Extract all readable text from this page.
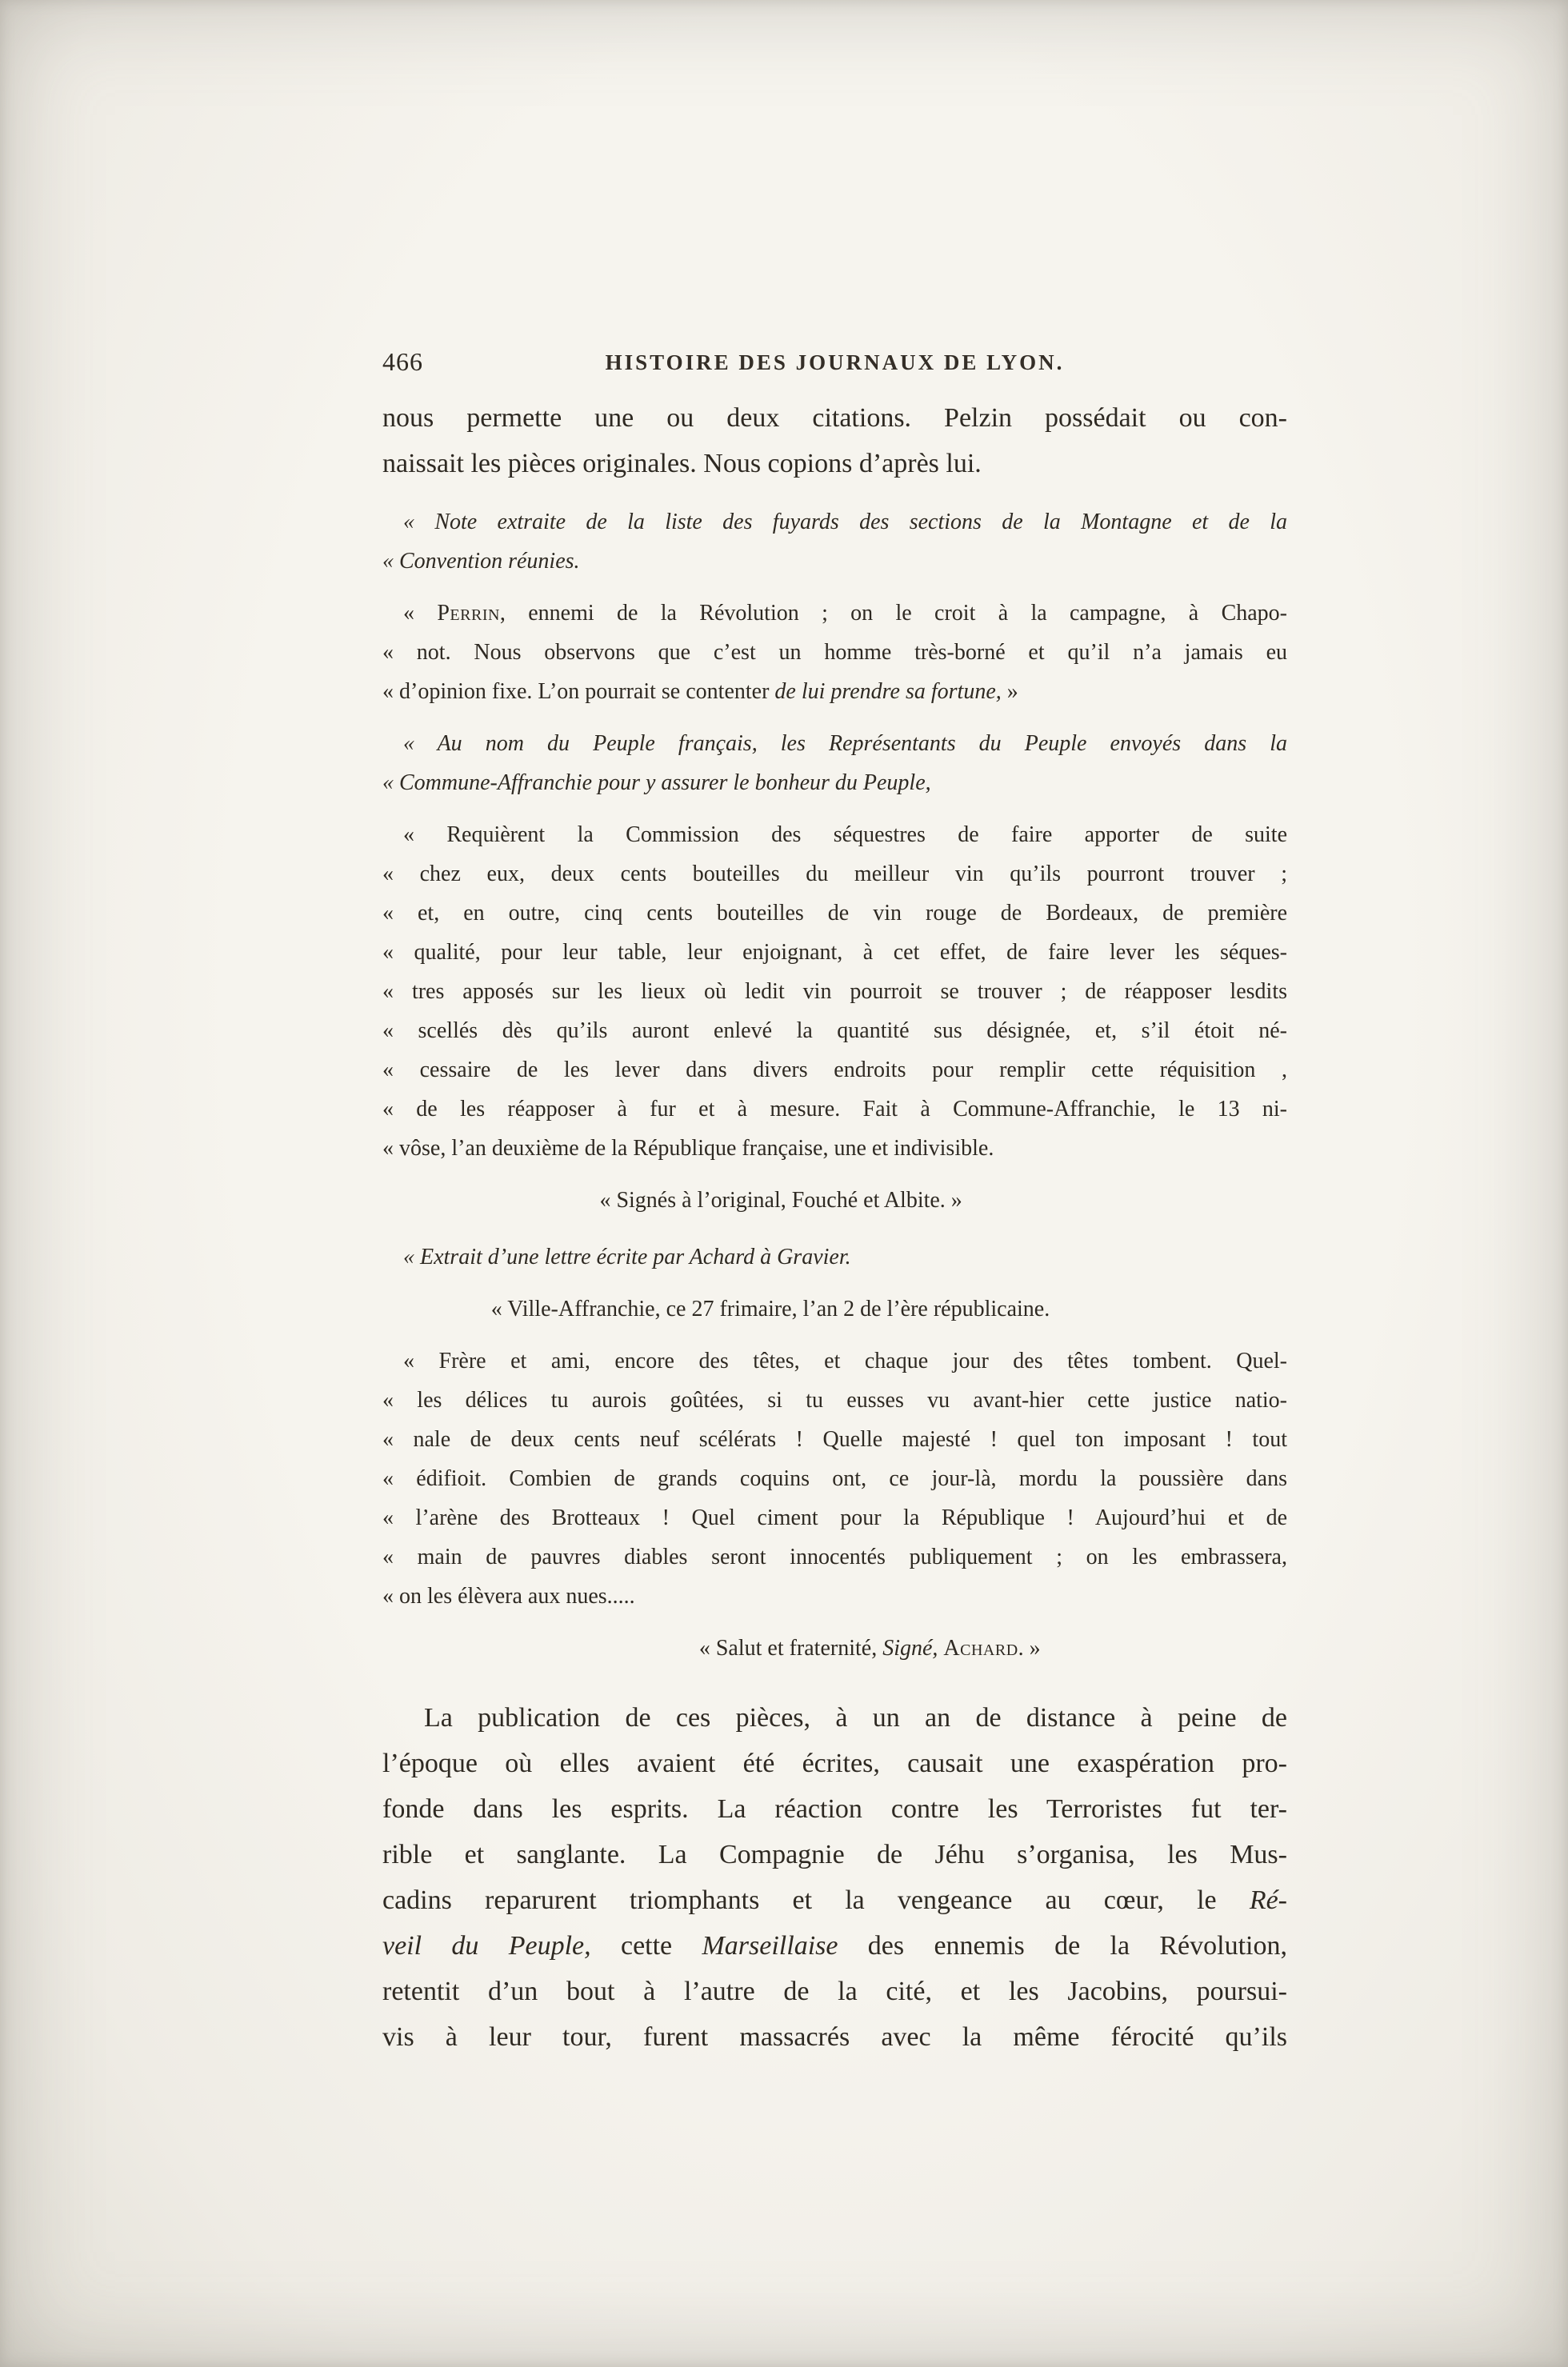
466	HISTOIRE DES JOURNAUX DE LYON.
nous permette une ou deux citations. Pelzin possédait ou con-
naissait les pièces originales. Nous copions d’après lui.
« Note extraite de la liste des fuyards des sections de la Montagne et de la
« Convention réunies.
« Perrin, ennemi de la Révolution ; on le croit à la campagne, à Chapo-
« not. Nous observons que c’est un homme très-borné et qu’il n’a jamais eu
« d’opinion fixe. L’on pourrait se contenter de lui prendre sa fortune, »
« Au nom du Peuple français, les Représentants du Peuple envoyés dans la
« Commune-Affranchie pour y assurer le bonheur du Peuple,
« Requièrent la Commission des séquestres de faire apporter de suite
« chez eux, deux cents bouteilles du meilleur vin qu’ils pourront trouver ;
« et, en outre, cinq cents bouteilles de vin rouge de Bordeaux, de première
« qualité, pour leur table, leur enjoignant, à cet effet, de faire lever les séques-
« tres apposés sur les lieux où ledit vin pourroit se trouver ; de réapposer lesdits
« scellés dès qu’ils auront enlevé la quantité sus désignée, et, s’il étoit né-
« cessaire de les lever dans divers endroits pour remplir cette réquisition ,
« de les réapposer à fur et à mesure. Fait à Commune-Affranchie, le 13 ni-
« vôse, l’an deuxième de la République française, une et indivisible.
« Signés à l’original, Fouché et Albite. »
« Extrait d’une lettre écrite par Achard à Gravier.
« Ville-Affranchie, ce 27 frimaire, l’an 2 de l’ère républicaine.
« Frère et ami, encore des têtes, et chaque jour des têtes tombent. Quel-
« les délices tu aurois goûtées, si tu eusses vu avant-hier cette justice natio-
« nale de deux cents neuf scélérats ! Quelle majesté ! quel ton imposant ! tout
« édifioit. Combien de grands coquins ont, ce jour-là, mordu la poussière dans
« l’arène des Brotteaux ! Quel ciment pour la République ! Aujourd’hui et de
« main de pauvres diables seront innocentés publiquement ; on les embrassera,
« on les élèvera aux nues.....
« Salut et fraternité, Signé, Achard. »
La publication de ces pièces, à un an de distance à peine de
l’époque où elles avaient été écrites, causait une exaspération pro-
fonde dans les esprits. La réaction contre les Terroristes fut ter-
rible et sanglante. La Compagnie de Jéhu s’organisa, les Mus-
cadins reparurent triomphants et la vengeance au cœur, le Ré-
veil du Peuple, cette Marseillaise des ennemis de la Révolution,
retentit d’un bout à l’autre de la cité, et les Jacobins, poursui-
vis à leur tour, furent massacrés avec la même férocité qu’ils
